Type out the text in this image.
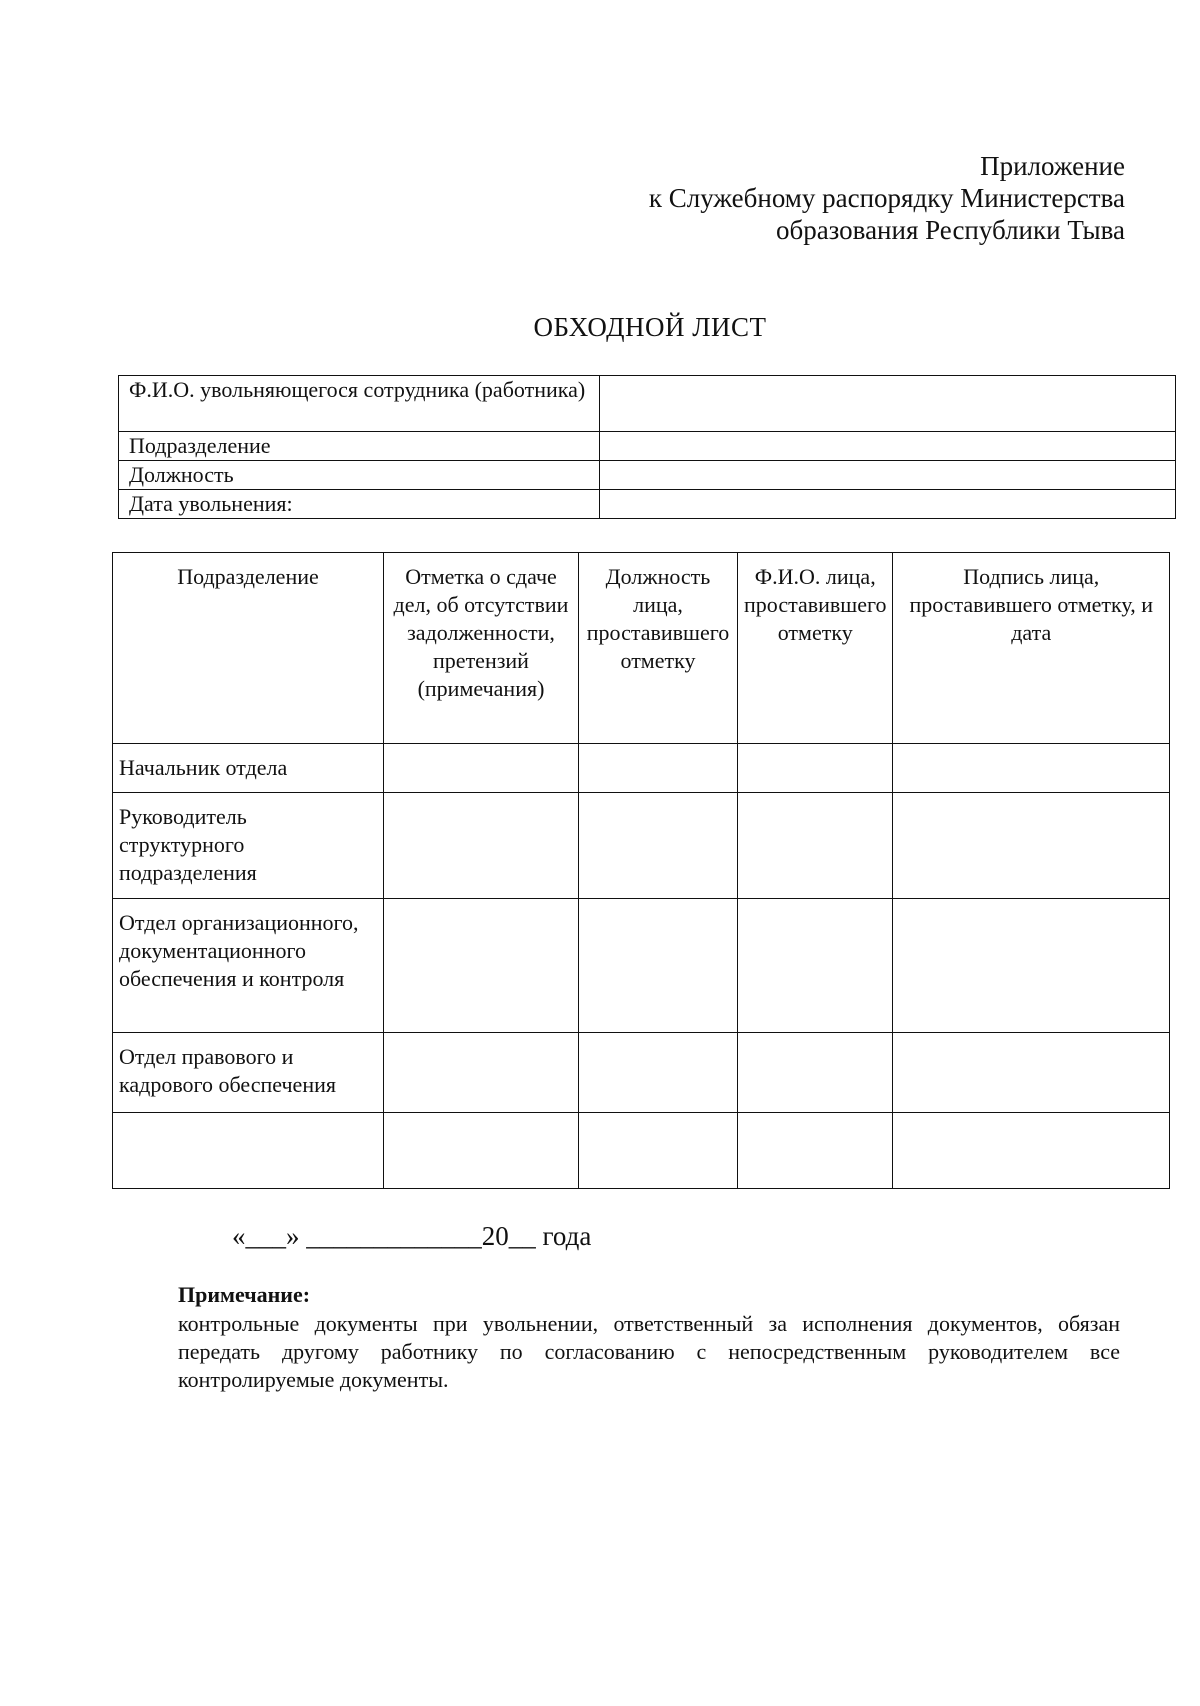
Приложение
к Служебному распорядку Министерства
образования Республики Тыва
ОБХОДНОЙ ЛИСТ
Ф.И.О. увольняющегося сотрудника (работника)	
Подразделение	
Должность	
Дата увольнения:	
Подразделение	Отметка о сдаче дел, об отсутствии задолженности, претензий (примечания)	Должность лица, проставившего отметку	Ф.И.О. лица, проставившего отметку	Подпись лица, проставившего отметку, и дата
Начальник отдела				
Руководитель структурного подразделения				
Отдел организационного, документационного обеспечения и контроля				
Отдел правового и кадрового обеспечения				

«___» _____________20__ года
Примечание:
контрольные документы при увольнении, ответственный за исполнения документов, обязан передать другому работнику по согласованию с непосредственным руководителем все контролируемые документы.
